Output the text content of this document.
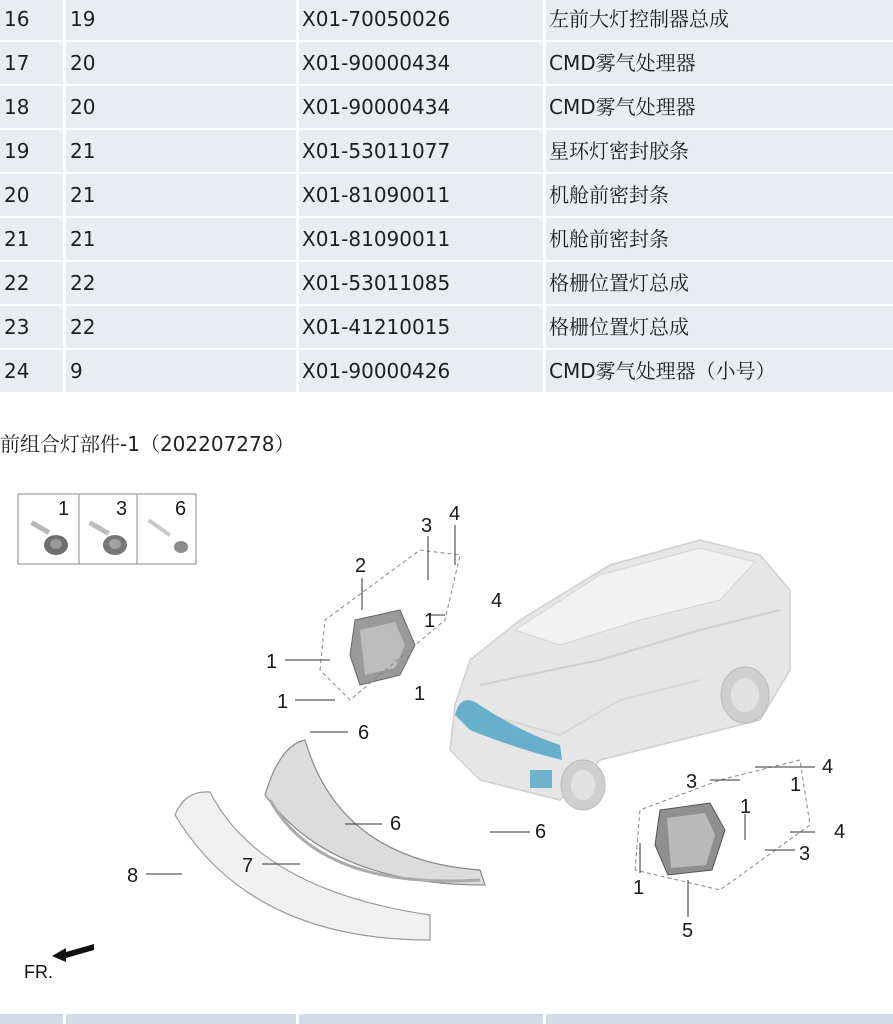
16	19	X01-70050026	左前大灯控制器总成
17	20	X01-90000434	CMD雾气处理器
18	20	X01-90000434	CMD雾气处理器
19	21	X01-53011077	星环灯密封胶条
20	21	X01-81090011	机舱前密封条
21	21	X01-81090011	机舱前密封条
22	22	X01-53011085	格栅位置灯总成
23	22	X01-41210015	格栅位置灯总成
24	9	X01-90000426	CMD雾气处理器（小号）
前组合灯部件-1（202207278）
1 3 6
2
3
4
1
4
1
1	1
6
6	6
7
8
4
3	1
1
4
3
1
5
FR.
